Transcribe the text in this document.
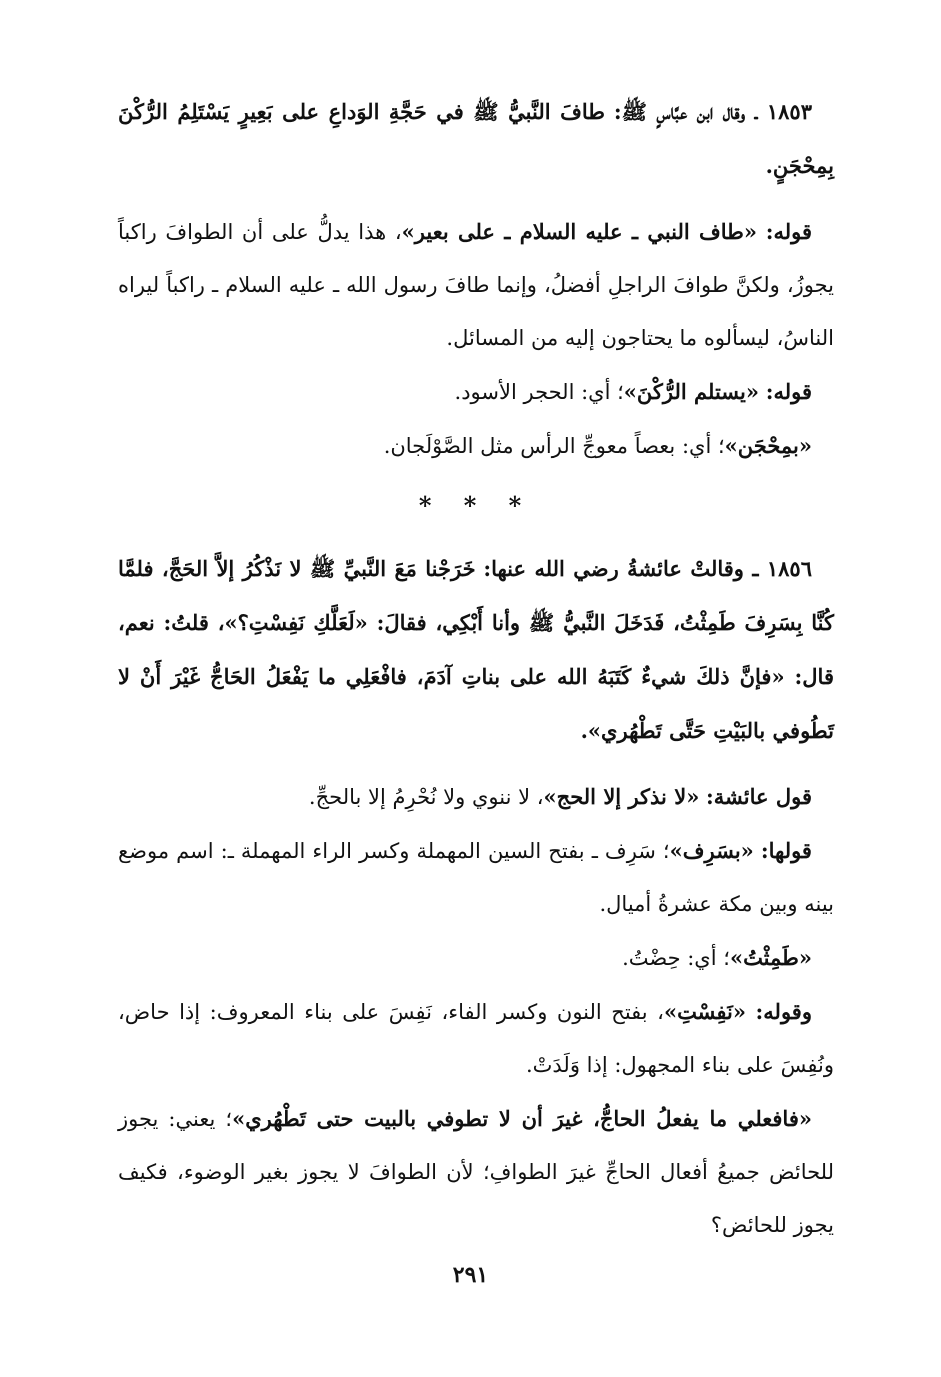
١٨٥٣ ـ وقال ابن عبَّاسٍ ﷺ: طافَ النَّبيُّ ﷺ في حَجَّةِ الوَداعِ على بَعِيرٍ يَسْتَلِمُ الرُّكْنَ بِمِحْجَنٍ.

قوله: «طاف النبي ـ عليه السلام ـ على بعير»، هذا يدلُّ على أن الطوافَ راكباً يجوزُ، ولكنَّ طوافَ الراجلِ أفضلُ، وإنما طافَ رسول الله ـ عليه السلام ـ راكباً ليراه الناسُ، ليسألوه ما يحتاجون إليه من المسائل.

قوله: «يستلم الرُّكْنَ»؛ أي: الحجر الأسود.

«بمِحْجَن»؛ أي: بعصاً معوجِّ الرأس مثل الصَّوْلَجان.

* * *

١٨٥٦ ـ وقالتْ عائشةُ رضي الله عنها: خَرَجْنا مَعَ النَّبيِّ ﷺ لا نَذْكُرُ إلاَّ الحَجَّ، فلمَّا كُنَّا بِسَرِفَ طَمِثْتُ، فَدَخَلَ النَّبيُّ ﷺ وأنا أَبْكِي، فقالَ: «لَعَلَّكِ نَفِسْتِ؟»، قلتُ: نعم، قال: «فإنَّ ذلكَ شيءٌ كَتَبَهُ الله على بناتِ آدَمَ، فافْعَلِي ما يَفْعَلُ الحَاجُّ غَيْرَ أَنْ لا تَطُوفي بالبَيْتِ حَتَّى تَطْهُري».

قول عائشة: «لا نذكر إلا الحج»، لا ننوي ولا نُحْرِمُ إلا بالحجِّ.

قولها: «بسَرِف»؛ سَرِف ـ بفتح السين المهملة وكسر الراء المهملة ـ: اسم موضع بينه وبين مكة عشرةُ أميال.

«طَمِثْتُ»؛ أي: حِضْتُ.

وقوله: «نَفِسْتِ»، بفتح النون وكسر الفاء، نَفِسَ على بناء المعروف: إذا حاض، ونُفِسَ على بناء المجهول: إذا وَلَدَتْ.

«فافعلي ما يفعلُ الحاجُّ، غيرَ أن لا تطوفي بالبيت حتى تَطْهُري»؛ يعني: يجوز للحائض جميعُ أفعال الحاجِّ غيرَ الطوافِ؛ لأن الطوافَ لا يجوز بغير الوضوء، فكيف يجوز للحائض؟

٢٩١
